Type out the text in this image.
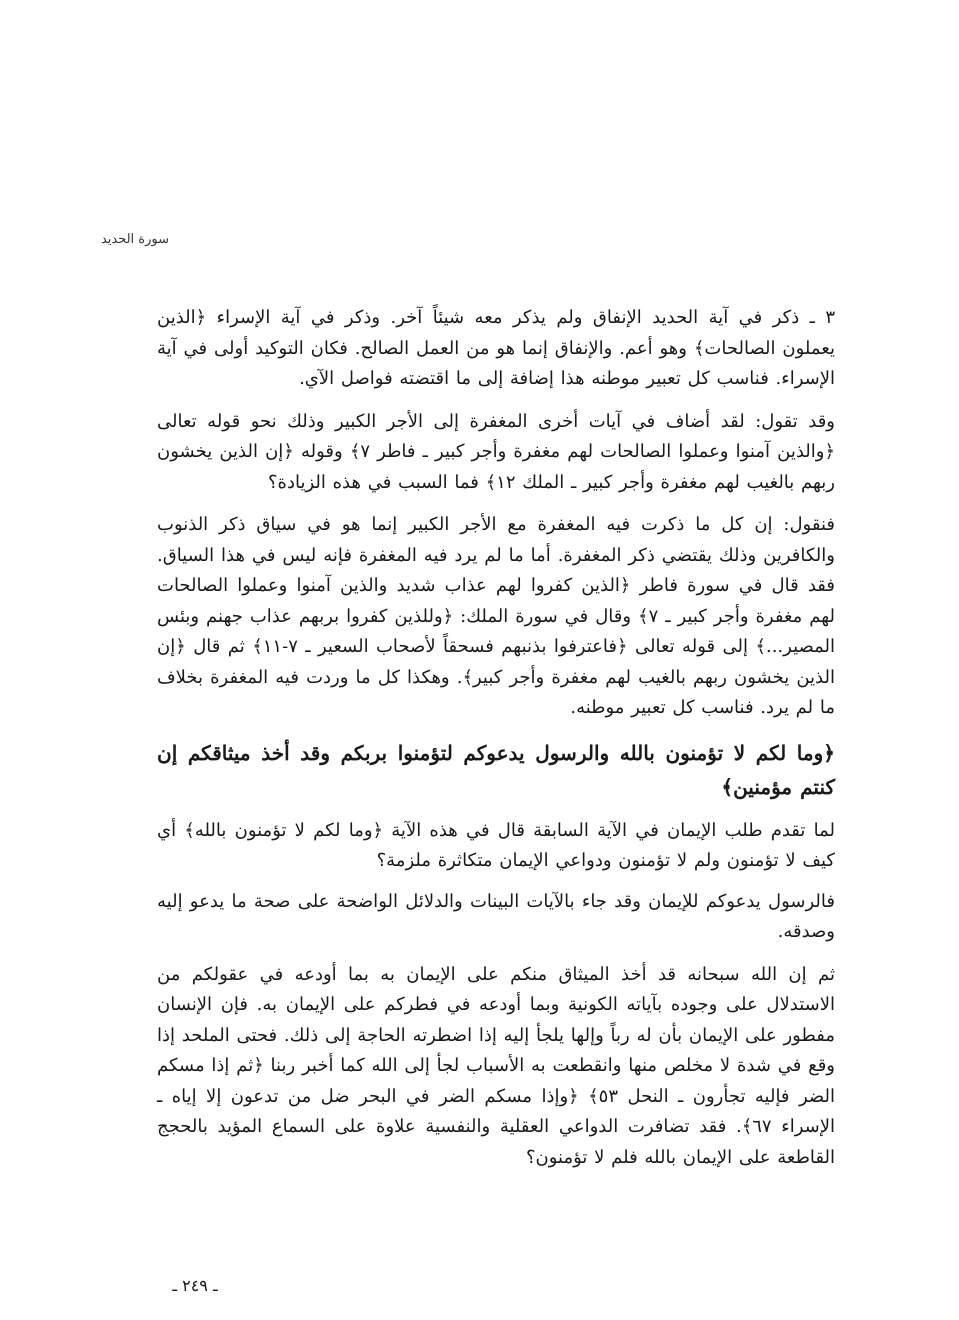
سورة الحديد

٣ ـ ذكر في آية الحديد الإنفاق ولم يذكر معه شيئاً آخر. وذكر في آية الإسراء ﴿الذين يعملون الصالحات﴾ وهو أعم. والإنفاق إنما هو من العمل الصالح. فكان التوكيد أولى في آية الإسراء. فناسب كل تعبير موطنه هذا إضافة إلى ما اقتضته فواصل الآي.

وقد تقول: لقد أضاف في آيات أخرى المغفرة إلى الأجر الكبير وذلك نحو قوله تعالى ﴿والذين آمنوا وعملوا الصالحات لهم مغفرة وأجر كبير ـ فاطر ٧﴾ وقوله ﴿إن الذين يخشون ربهم بالغيب لهم مغفرة وأجر كبير ـ الملك ١٢﴾ فما السبب في هذه الزيادة؟

فنقول: إن كل ما ذكرت فيه المغفرة مع الأجر الكبير إنما هو في سياق ذكر الذنوب والكافرين وذلك يقتضي ذكر المغفرة. أما ما لم يرد فيه المغفرة فإنه ليس في هذا السياق. فقد قال في سورة فاطر ﴿الذين كفروا لهم عذاب شديد والذين آمنوا وعملوا الصالحات لهم مغفرة وأجر كبير ـ ٧﴾ وقال في سورة الملك: ﴿وللذين كفروا بربهم عذاب جهنم وبئس المصير...﴾ إلى قوله تعالى ﴿فاعترفوا بذنبهم فسحقاً لأصحاب السعير ـ ٧-١١﴾ ثم قال ﴿إن الذين يخشون ربهم بالغيب لهم مغفرة وأجر كبير﴾. وهكذا كل ما وردت فيه المغفرة بخلاف ما لم يرد. فناسب كل تعبير موطنه.

﴿وما لكم لا تؤمنون بالله والرسول يدعوكم لتؤمنوا بربكم وقد أخذ ميثاقكم إن كنتم مؤمنين﴾

لما تقدم طلب الإيمان في الآية السابقة قال في هذه الآية ﴿وما لكم لا تؤمنون بالله﴾ أي كيف لا تؤمنون ولم لا تؤمنون ودواعي الإيمان متكاثرة ملزمة؟

فالرسول يدعوكم للإيمان وقد جاء بالآيات البينات والدلائل الواضحة على صحة ما يدعو إليه وصدقه.

ثم إن الله سبحانه قد أخذ الميثاق منكم على الإيمان به بما أودعه في عقولكم من الاستدلال على وجوده بآياته الكونية وبما أودعه في فطركم على الإيمان به. فإن الإنسان مفطور على الإيمان بأن له رباً وإلها يلجأ إليه إذا اضطرته الحاجة إلى ذلك. فحتى الملحد إذا وقع في شدة لا مخلص منها وانقطعت به الأسباب لجأ إلى الله كما أخبر ربنا ﴿ثم إذا مسكم الضر فإليه تجأرون ـ النحل ٥٣﴾ ﴿وإذا مسكم الضر في البحر ضل من تدعون إلا إياه ـ الإسراء ٦٧﴾. فقد تضافرت الدواعي العقلية والنفسية علاوة على السماع المؤيد بالحجج القاطعة على الإيمان بالله فلم لا تؤمنون؟

ـ ٢٤٩ ـ
